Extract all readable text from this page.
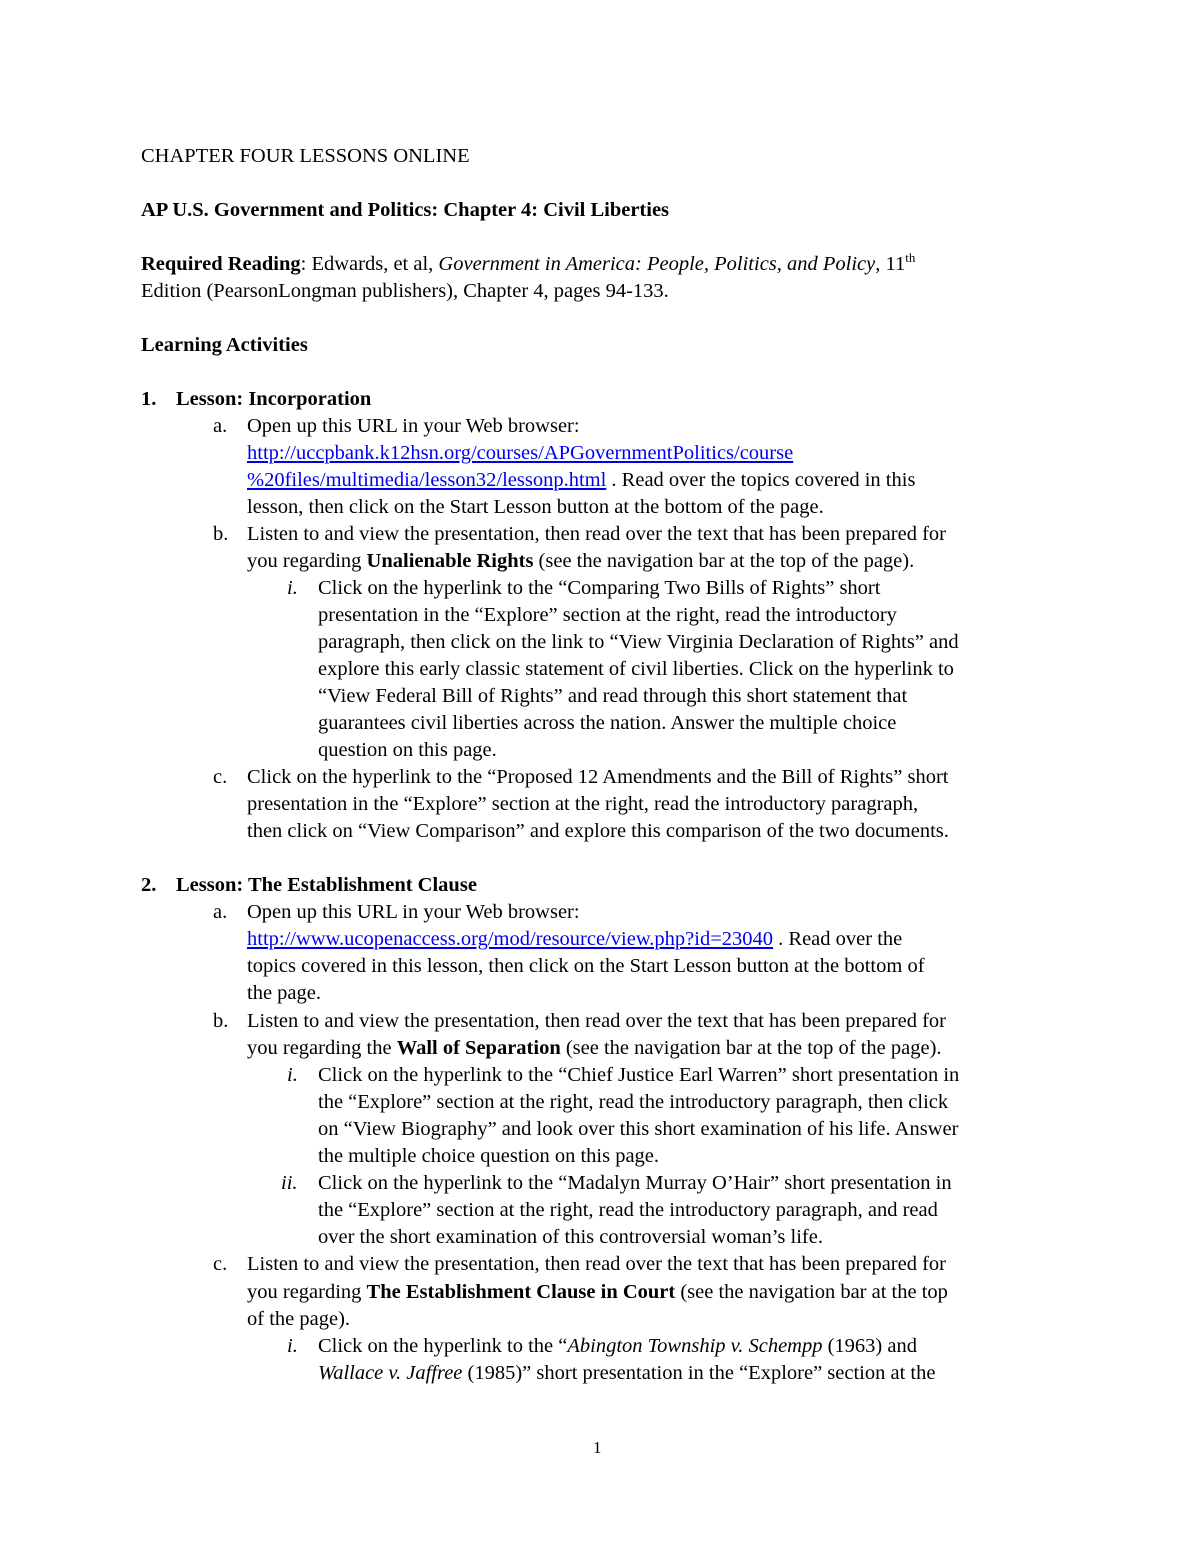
CHAPTER FOUR LESSONS ONLINE
AP U.S. Government and Politics: Chapter 4: Civil Liberties
Required Reading: Edwards, et al, Government in America: People, Politics, and Policy, 11th
Edition (PearsonLongman publishers), Chapter 4, pages 94-133.
Learning Activities
1. Lesson: Incorporation
a. Open up this URL in your Web browser:
http://uccpbank.k12hsn.org/courses/APGovernmentPolitics/course
%20files/multimedia/lesson32/lessonp.html . Read over the topics covered in this
lesson, then click on the Start Lesson button at the bottom of the page.
b. Listen to and view the presentation, then read over the text that has been prepared for
you regarding Unalienable Rights (see the navigation bar at the top of the page).
i. Click on the hyperlink to the “Comparing Two Bills of Rights” short
presentation in the “Explore” section at the right, read the introductory
paragraph, then click on the link to “View Virginia Declaration of Rights” and
explore this early classic statement of civil liberties. Click on the hyperlink to
“View Federal Bill of Rights” and read through this short statement that
guarantees civil liberties across the nation. Answer the multiple choice
question on this page.
c. Click on the hyperlink to the “Proposed 12 Amendments and the Bill of Rights” short
presentation in the “Explore” section at the right, read the introductory paragraph,
then click on “View Comparison” and explore this comparison of the two documents.
2. Lesson: The Establishment Clause
a. Open up this URL in your Web browser:
http://www.ucopenaccess.org/mod/resource/view.php?id=23040 . Read over the
topics covered in this lesson, then click on the Start Lesson button at the bottom of
the page.
b. Listen to and view the presentation, then read over the text that has been prepared for
you regarding the Wall of Separation (see the navigation bar at the top of the page).
i. Click on the hyperlink to the “Chief Justice Earl Warren” short presentation in
the “Explore” section at the right, read the introductory paragraph, then click
on “View Biography” and look over this short examination of his life. Answer
the multiple choice question on this page.
ii. Click on the hyperlink to the “Madalyn Murray O’Hair” short presentation in
the “Explore” section at the right, read the introductory paragraph, and read
over the short examination of this controversial woman’s life.
c. Listen to and view the presentation, then read over the text that has been prepared for
you regarding The Establishment Clause in Court (see the navigation bar at the top
of the page).
i. Click on the hyperlink to the “Abington Township v. Schempp (1963) and
Wallace v. Jaffree (1985)” short presentation in the “Explore” section at the
1
